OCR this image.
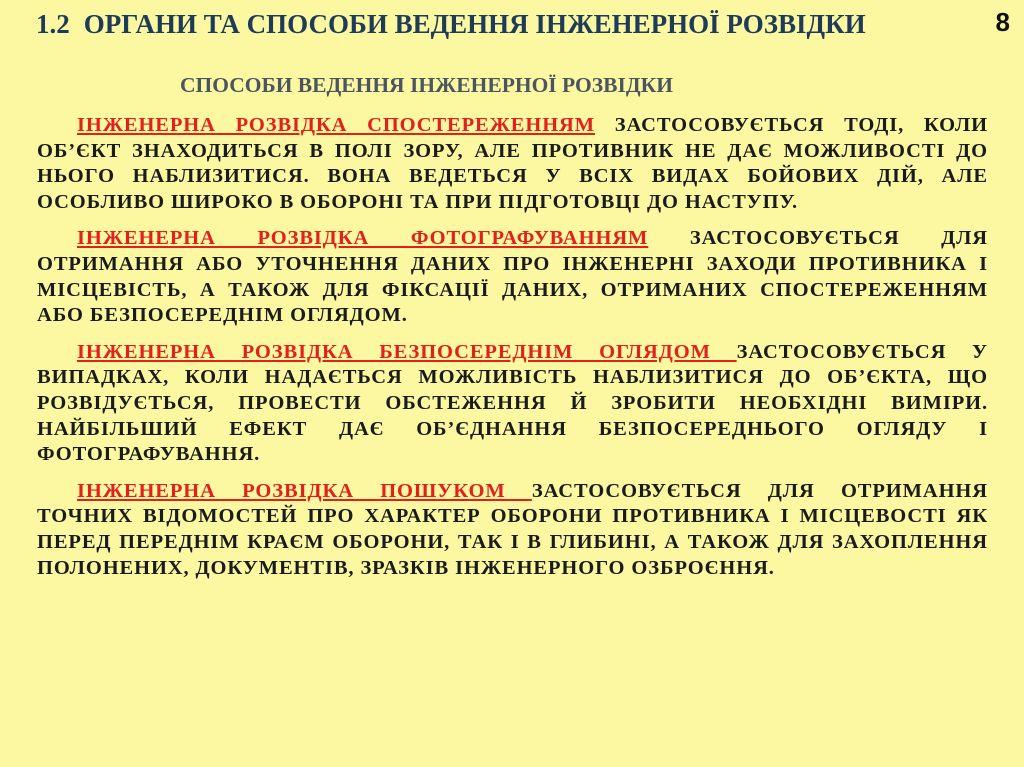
1.2 ОРГАНИ ТА СПОСОБИ ВЕДЕННЯ ІНЖЕНЕРНОЇ РОЗВІДКИ	8
СПОСОБИ ВЕДЕННЯ ІНЖЕНЕРНОЇ РОЗВІДКИ

ІНЖЕНЕРНА РОЗВІДКА СПОСТЕРЕЖЕННЯМ ЗАСТОСОВУЄТЬСЯ ТОДІ, КОЛИ ОБ’ЄКТ ЗНАХОДИТЬСЯ В ПОЛІ ЗОРУ, АЛЕ ПРОТИВНИК НЕ ДАЄ МОЖЛИВОСТІ ДО НЬОГО НАБЛИЗИТИСЯ. ВОНА ВЕДЕТЬСЯ У ВСІХ ВИДАХ БОЙОВИХ ДІЙ, АЛЕ ОСОБЛИВО ШИРОКО В ОБОРОНІ ТА ПРИ ПІДГОТОВЦІ ДО НАСТУПУ.

ІНЖЕНЕРНА РОЗВІДКА ФОТОГРАФУВАННЯМ ЗАСТОСОВУЄТЬСЯ ДЛЯ ОТРИМАННЯ АБО УТОЧНЕННЯ ДАНИХ ПРО ІНЖЕНЕРНІ ЗАХОДИ ПРОТИВНИКА І МІСЦЕВІСТЬ, А ТАКОЖ ДЛЯ ФІКСАЦІЇ ДАНИХ, ОТРИМАНИХ СПОСТЕРЕЖЕННЯМ АБО БЕЗПОСЕРЕДНІМ ОГЛЯДОМ.

ІНЖЕНЕРНА РОЗВІДКА БЕЗПОСЕРЕДНІМ ОГЛЯДОМ ЗАСТОСОВУЄТЬСЯ У ВИПАДКАХ, КОЛИ НАДАЄТЬСЯ МОЖЛИВІСТЬ НАБЛИЗИТИСЯ ДО ОБ’ЄКТА, ЩО РОЗВІДУЄТЬСЯ, ПРОВЕСТИ ОБСТЕЖЕННЯ Й ЗРОБИТИ НЕОБХІДНІ ВИМІРИ. НАЙБІЛЬШИЙ ЕФЕКТ ДАЄ ОБ’ЄДНАННЯ БЕЗПОСЕРЕДНЬОГО ОГЛЯДУ І ФОТОГРАФУВАННЯ.

ІНЖЕНЕРНА РОЗВІДКА ПОШУКОМ ЗАСТОСОВУЄТЬСЯ ДЛЯ ОТРИМАННЯ ТОЧНИХ ВІДОМОСТЕЙ ПРО ХАРАКТЕР ОБОРОНИ ПРОТИВНИКА І МІСЦЕВОСТІ ЯК ПЕРЕД ПЕРЕДНІМ КРАЄМ ОБОРОНИ, ТАК І В ГЛИБИНІ, А ТАКОЖ ДЛЯ ЗАХОПЛЕННЯ ПОЛОНЕНИХ, ДОКУМЕНТІВ, ЗРАЗКІВ ІНЖЕНЕРНОГО ОЗБРОЄННЯ.
